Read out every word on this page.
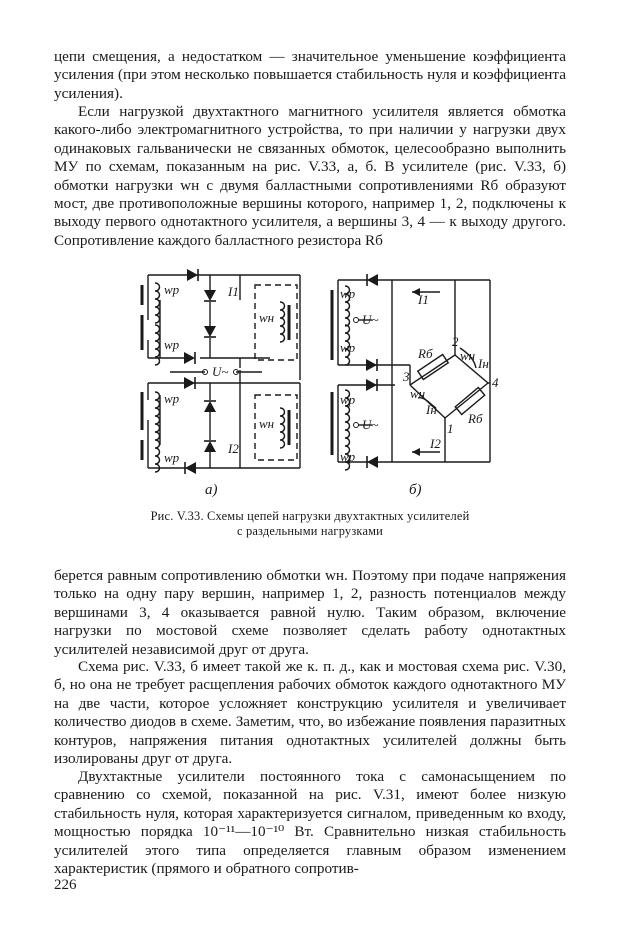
цепи смещения, а недостатком — значительное уменьшение коэффициента усиления (при этом несколько повышается стабильность нуля и коэффициента усиления).

Если нагрузкой двухтактного магнитного усилителя является обмотка какого-либо электромагнитного устройства, то при наличии у нагрузки двух одинаковых гальванически не связанных обмоток, целесообразно выполнить МУ по схемам, показанным на рис. V.33, а, б. В усилителе (рис. V.33, б) обмотки нагрузки wн с двумя балластными сопротивлениями Rб образуют мост, две противоположные вершины которого, например 1, 2, подключены к выходу первого однотактного усилителя, а вершины 3, 4 — к выходу другого. Сопротивление каждого балластного резистора Rб

wp
wp
wp
wp
I1
I2
wн
wн
U~
wp
wp
wp
wp
U~
U~
I1
I2
Rб
Rб
wн
wн
Iн
Iн
2
3	4
1
а)	б)

Рис. V.33. Схемы цепей нагрузки двухтактных усилителей

с раздельными нагрузками

берется равным сопротивлению обмотки wн. Поэтому при подаче напряжения только на одну пару вершин, например 1, 2, разность потенциалов между вершинами 3, 4 оказывается равной нулю. Таким образом, включение нагрузки по мостовой схеме позволяет сделать работу однотактных усилителей независимой друг от друга.

Схема рис. V.33, б имеет такой же к. п. д., как и мостовая схема рис. V.30, б, но она не требует расщепления рабочих обмоток каждого однотактного МУ на две части, которое усложняет конструкцию усилителя и увеличивает количество диодов в схеме. Заметим, что, во избежание появления паразитных контуров, напряжения питания однотактных усилителей должны быть изолированы друг от друга.

Двухтактные усилители постоянного тока с самонасыщением по сравнению со схемой, показанной на рис. V.31, имеют более низкую стабильность нуля, которая характеризуется сигналом, приведенным ко входу, мощностью порядка 10⁻¹¹—10⁻¹⁰ Вт. Сравнительно низкая стабильность усилителей этого типа определяется главным образом изменением характеристик (прямого и обратного сопротив-

226
